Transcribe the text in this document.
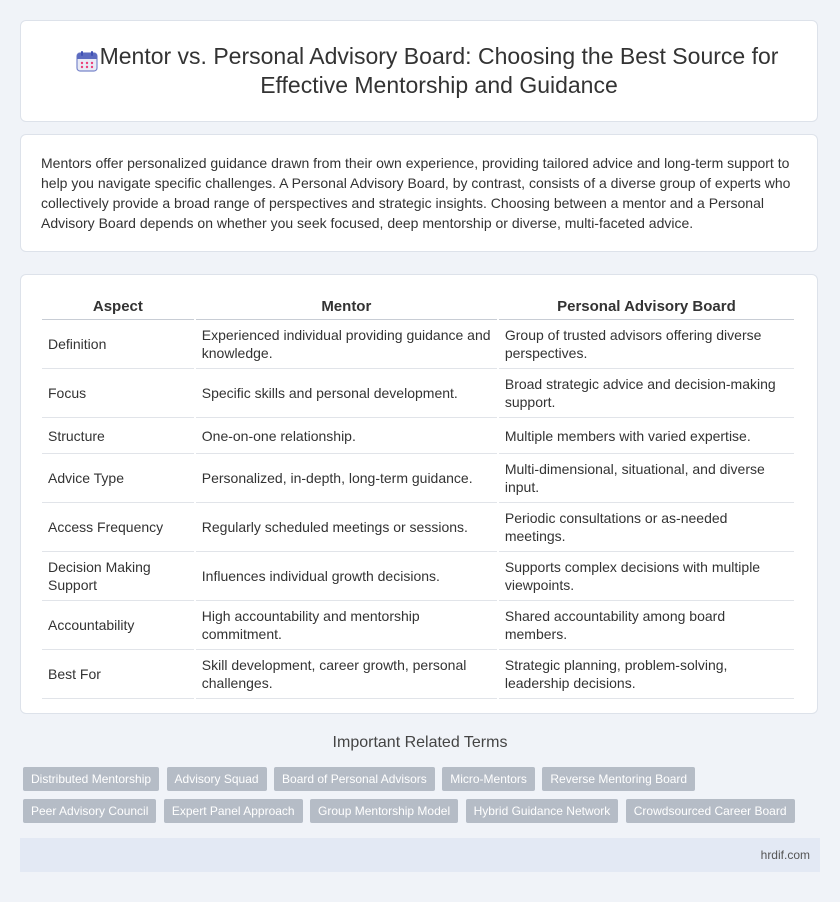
Mentor vs. Personal Advisory Board: Choosing the Best Source for Effective Mentorship and Guidance

Mentors offer personalized guidance drawn from their own experience, providing tailored advice and long-term support to help you navigate specific challenges. A Personal Advisory Board, by contrast, consists of a diverse group of experts who collectively provide a broad range of perspectives and strategic insights. Choosing between a mentor and a Personal Advisory Board depends on whether you seek focused, deep mentorship or diverse, multi-faceted advice.

Aspect	Mentor	Personal Advisory Board
Definition	Experienced individual providing guidance and knowledge.	Group of trusted advisors offering diverse perspectives.
Focus	Specific skills and personal development.	Broad strategic advice and decision-making support.
Structure	One-on-one relationship.	Multiple members with varied expertise.
Advice Type	Personalized, in-depth, long-term guidance.	Multi-dimensional, situational, and diverse input.
Access Frequency	Regularly scheduled meetings or sessions.	Periodic consultations or as-needed meetings.
Decision Making Support	Influences individual growth decisions.	Supports complex decisions with multiple viewpoints.
Accountability	High accountability and mentorship commitment.	Shared accountability among board members.
Best For	Skill development, career growth, personal challenges.	Strategic planning, problem-solving, leadership decisions.
Important Related Terms
Distributed Mentorship Advisory Squad Board of Personal Advisors Micro-Mentors Reverse Mentoring Board
Peer Advisory Council Expert Panel Approach Group Mentorship Model Hybrid Guidance Network Crowdsourced Career Board
hrdif.com
